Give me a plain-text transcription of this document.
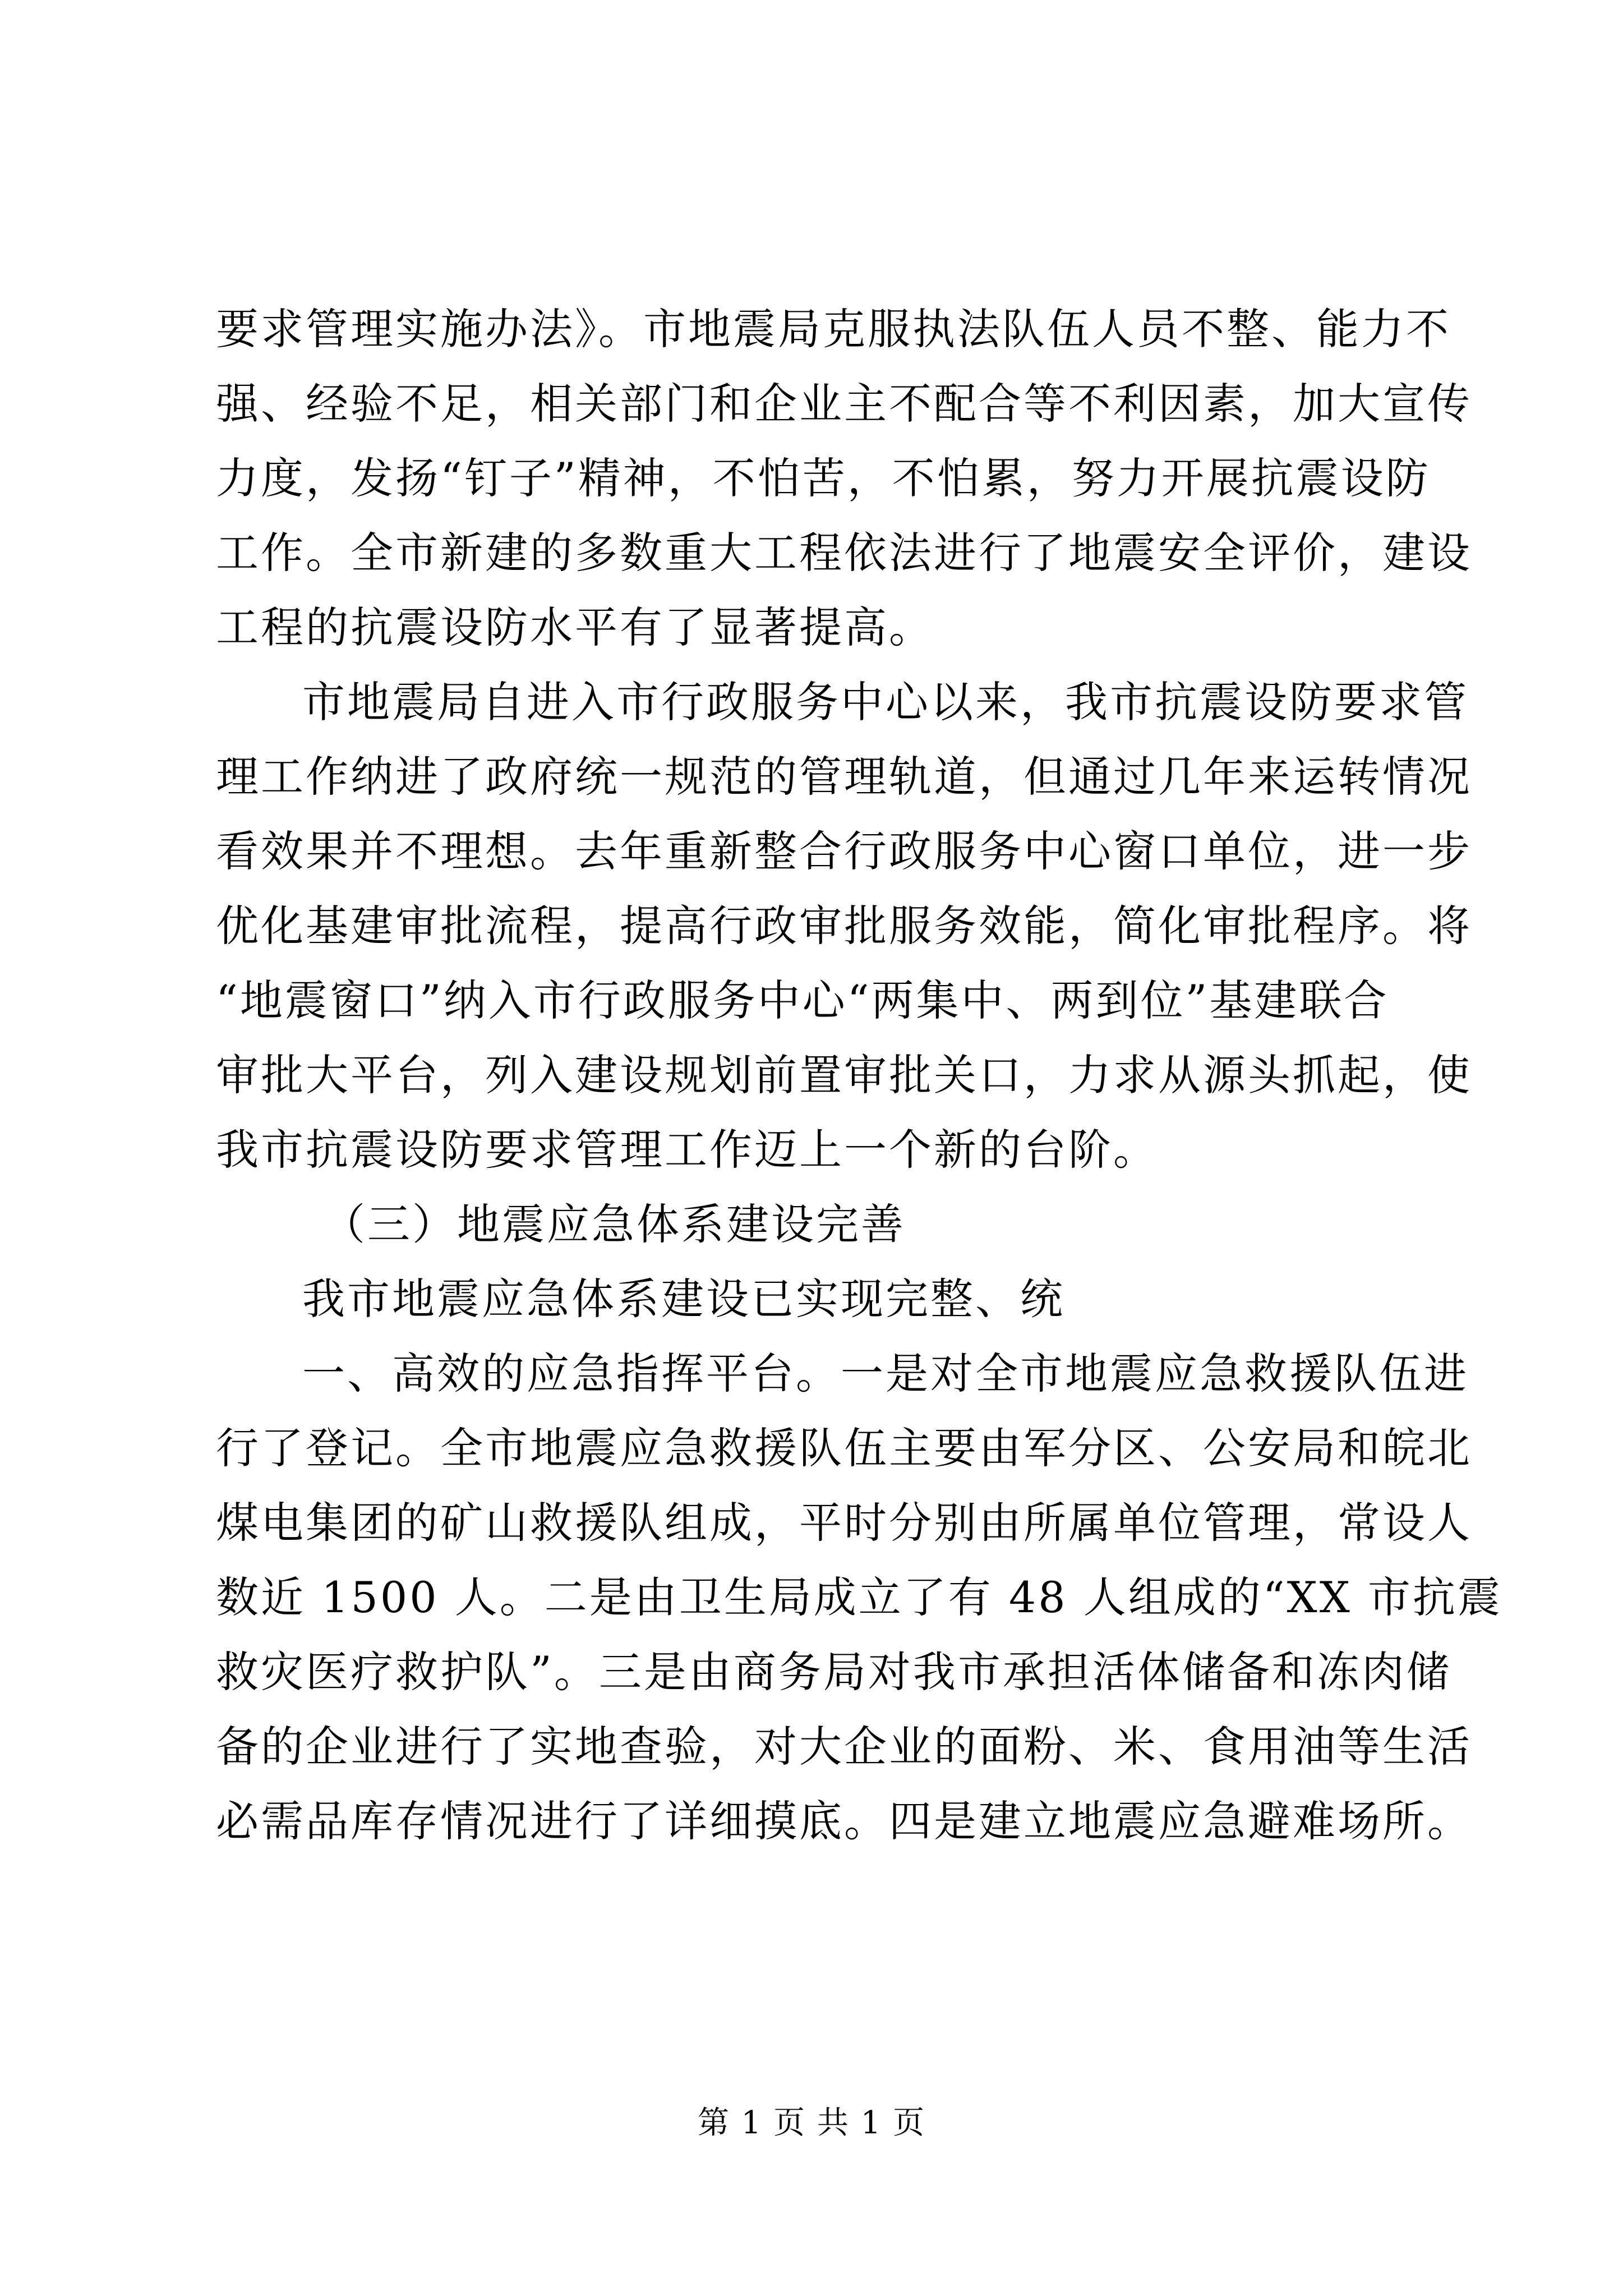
要求管理实施办法》。市地震局克服执法队伍人员不整、能力不
强、经验不足，相关部门和企业主不配合等不利因素，加大宣传
力度，发扬“钉子”精神，不怕苦，不怕累，努力开展抗震设防
工作。全市新建的多数重大工程依法进行了地震安全评价，建设
工程的抗震设防水平有了显著提高。
市地震局自进入市行政服务中心以来，我市抗震设防要求管
理工作纳进了政府统一规范的管理轨道，但通过几年来运转情况
看效果并不理想。去年重新整合行政服务中心窗口单位，进一步
优化基建审批流程，提高行政审批服务效能，简化审批程序。将
“地震窗口”纳入市行政服务中心“两集中、两到位”基建联合
审批大平台，列入建设规划前置审批关口，力求从源头抓起，使
我市抗震设防要求管理工作迈上一个新的台阶。
（三）地震应急体系建设完善
我市地震应急体系建设已实现完整、统
一、高效的应急指挥平台。一是对全市地震应急救援队伍进
行了登记。全市地震应急救援队伍主要由军分区、公安局和皖北
煤电集团的矿山救援队组成，平时分别由所属单位管理，常设人
数近 1500 人。二是由卫生局成立了有 48 人组成的“XX 市抗震
救灾医疗救护队”。三是由商务局对我市承担活体储备和冻肉储
备的企业进行了实地查验，对大企业的面粉、米、食用油等生活
必需品库存情况进行了详细摸底。四是建立地震应急避难场所。
第 1 页 共 1 页
